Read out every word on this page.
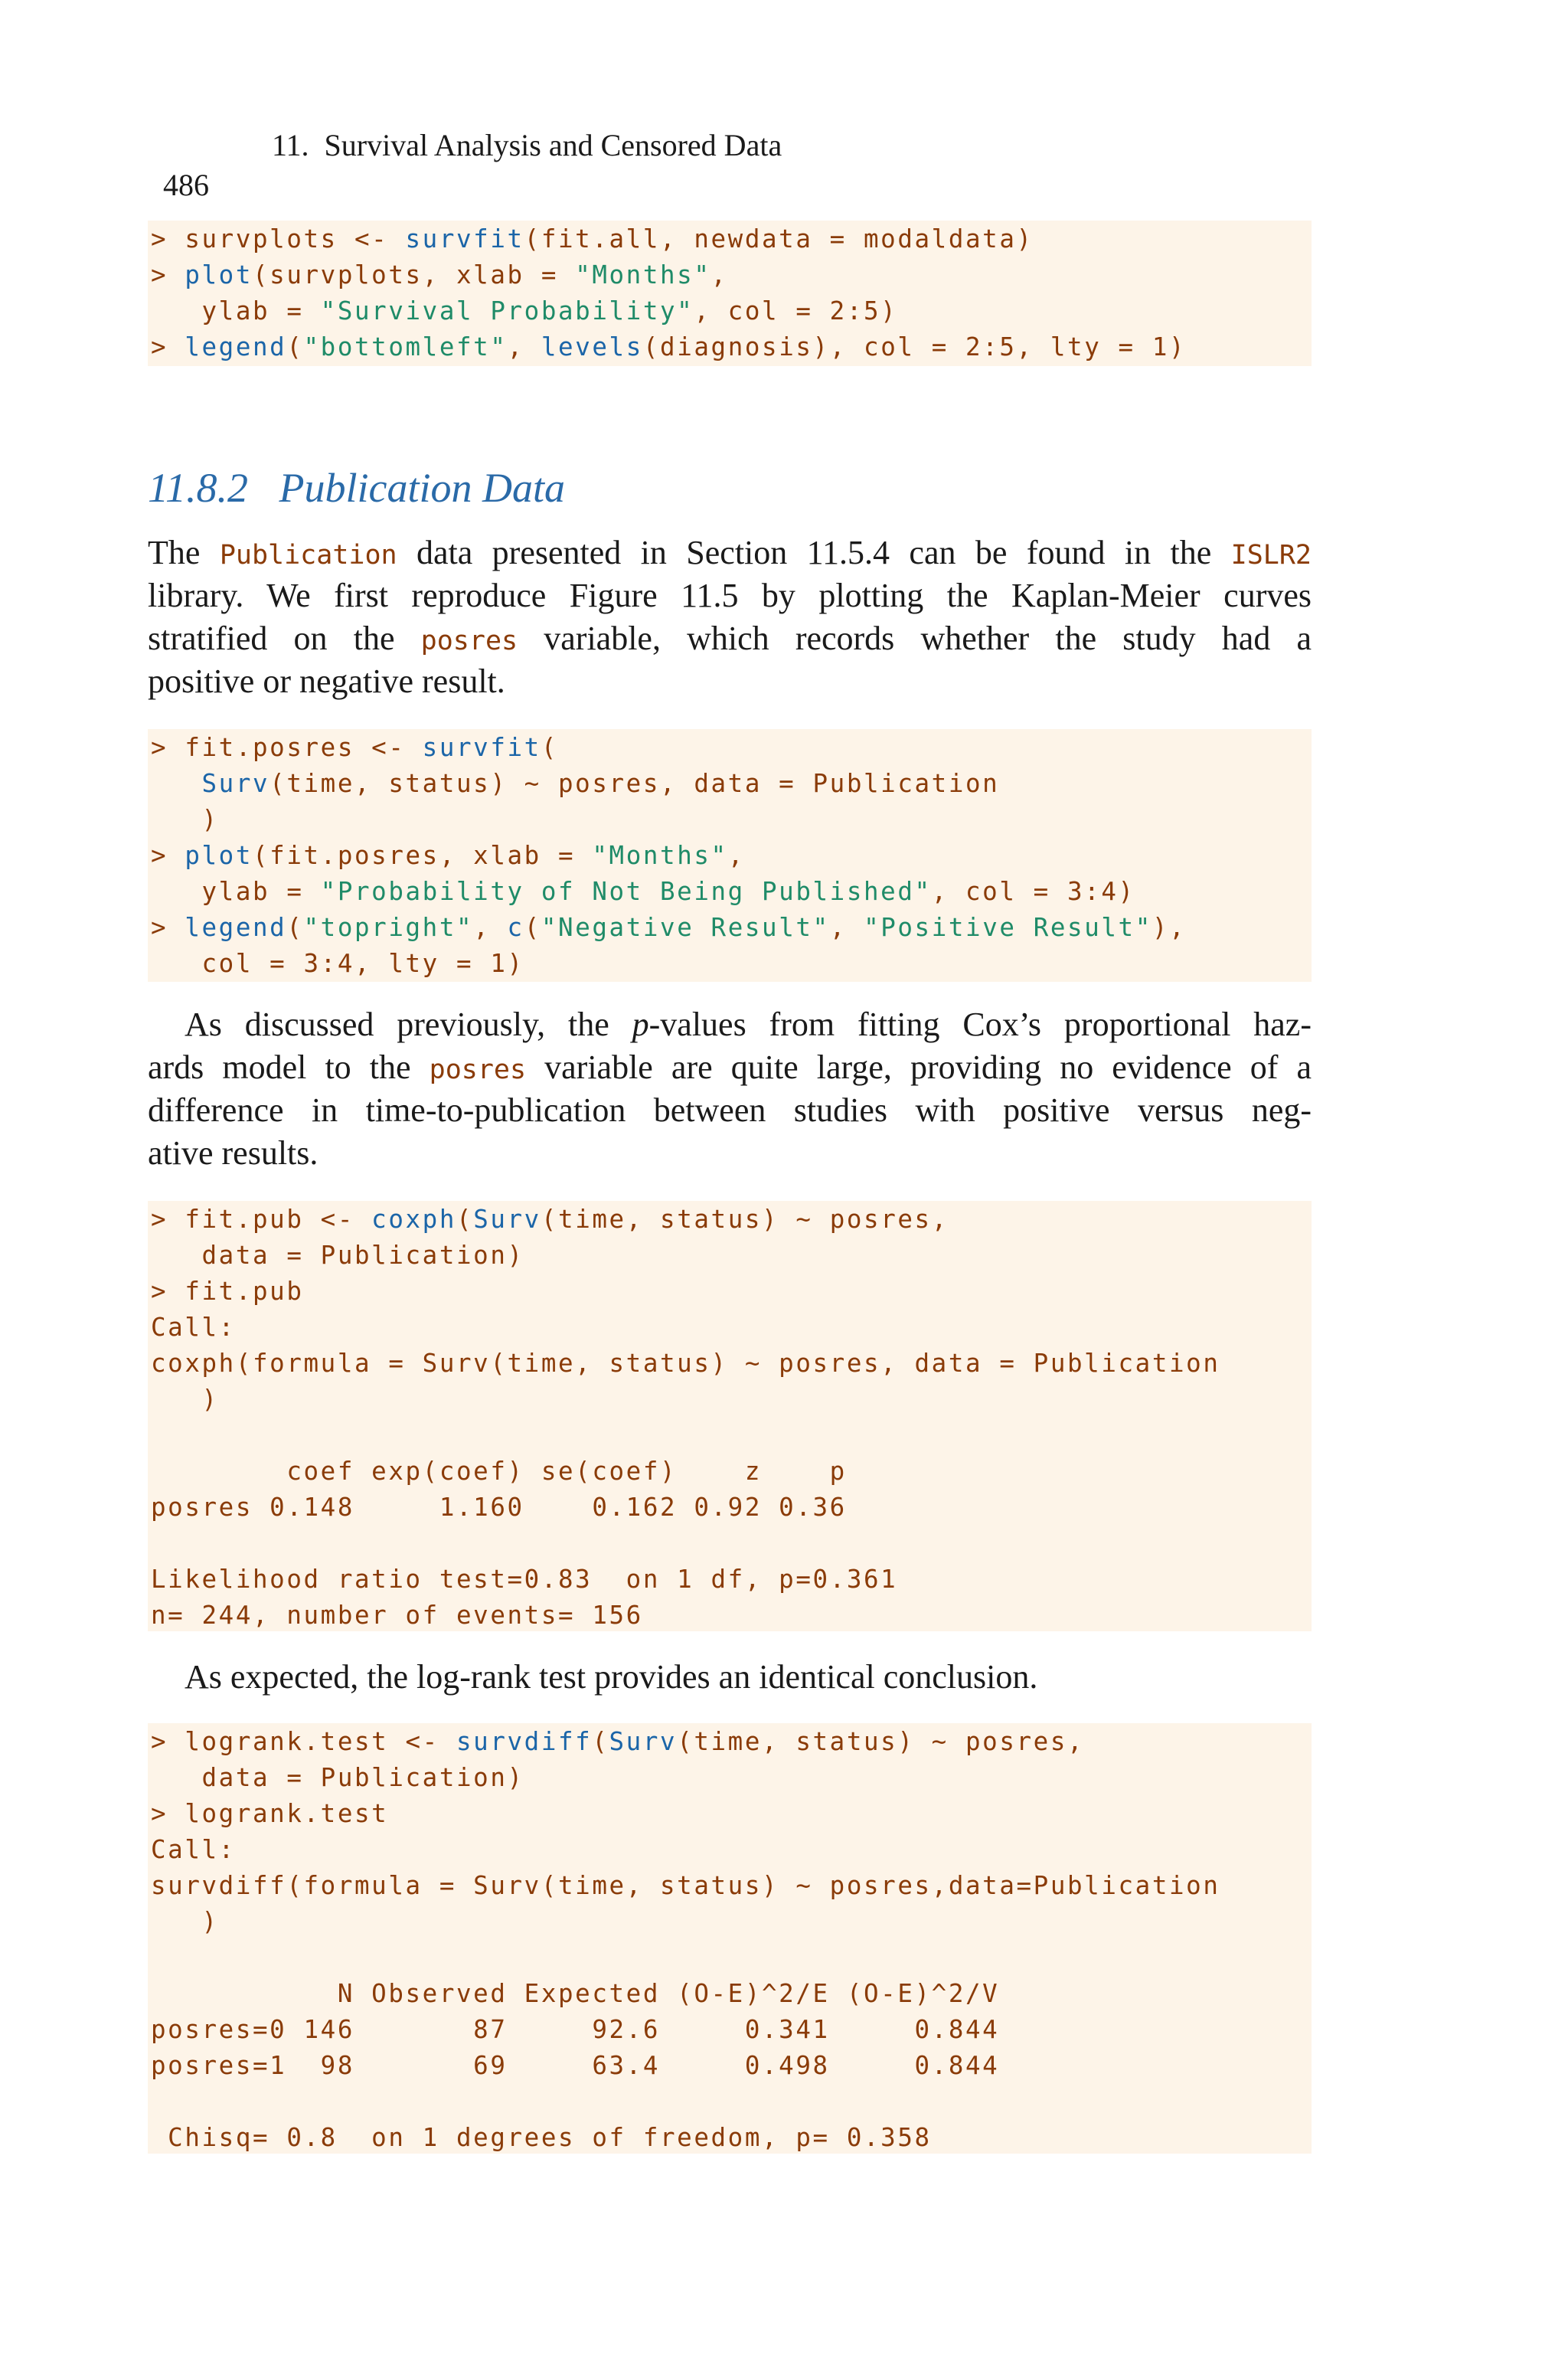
486

11.  Survival Analysis and Censored Data

> survplots <- survfit(fit.all, newdata = modaldata)
> plot(survplots, xlab = "Months",
ylab = "Survival Probability", col = 2:5)
> legend("bottomleft", levels(diagnosis), col = 2:5, lty = 1)
11.8.2 Publication Data
The Publication data presented in Section 11.5.4 can be found in the ISLR2
library. We first reproduce Figure 11.5 by plotting the Kaplan-Meier curves
stratified on the posres variable, which records whether the study had a
positive or negative result.
> fit.posres <- survfit(
Surv(time, status) ~ posres, data = Publication
)
> plot(fit.posres, xlab = "Months",
ylab = "Probability of Not Being Published", col = 3:4)
> legend("topright", c("Negative Result", "Positive Result"),
col = 3:4, lty = 1)
As discussed previously, the p-values from fitting Cox’s proportional haz-
ards model to the posres variable are quite large, providing no evidence of a
difference in time-to-publication between studies with positive versus neg-
ative results.
> fit.pub <- coxph(Surv(time, status) ~ posres,
data = Publication)
> fit.pub
Call:
coxph(formula = Surv(time, status) ~ posres, data = Publication
)
coef exp(coef) se(coef)    z    p
posres 0.148     1.160    0.162 0.92 0.36
Likelihood ratio test=0.83  on 1 df, p=0.361
n= 244, number of events= 156
As expected, the log-rank test provides an identical conclusion.
> logrank.test <- survdiff(Surv(time, status) ~ posres,
data = Publication)
> logrank.test
Call:
survdiff(formula = Surv(time, status) ~ posres,data=Publication
)
N Observed Expected (O-E)^2/E (O-E)^2/V
posres=0 146       87     92.6     0.341     0.844
posres=1  98       69     63.4     0.498     0.844
Chisq= 0.8  on 1 degrees of freedom, p= 0.358
